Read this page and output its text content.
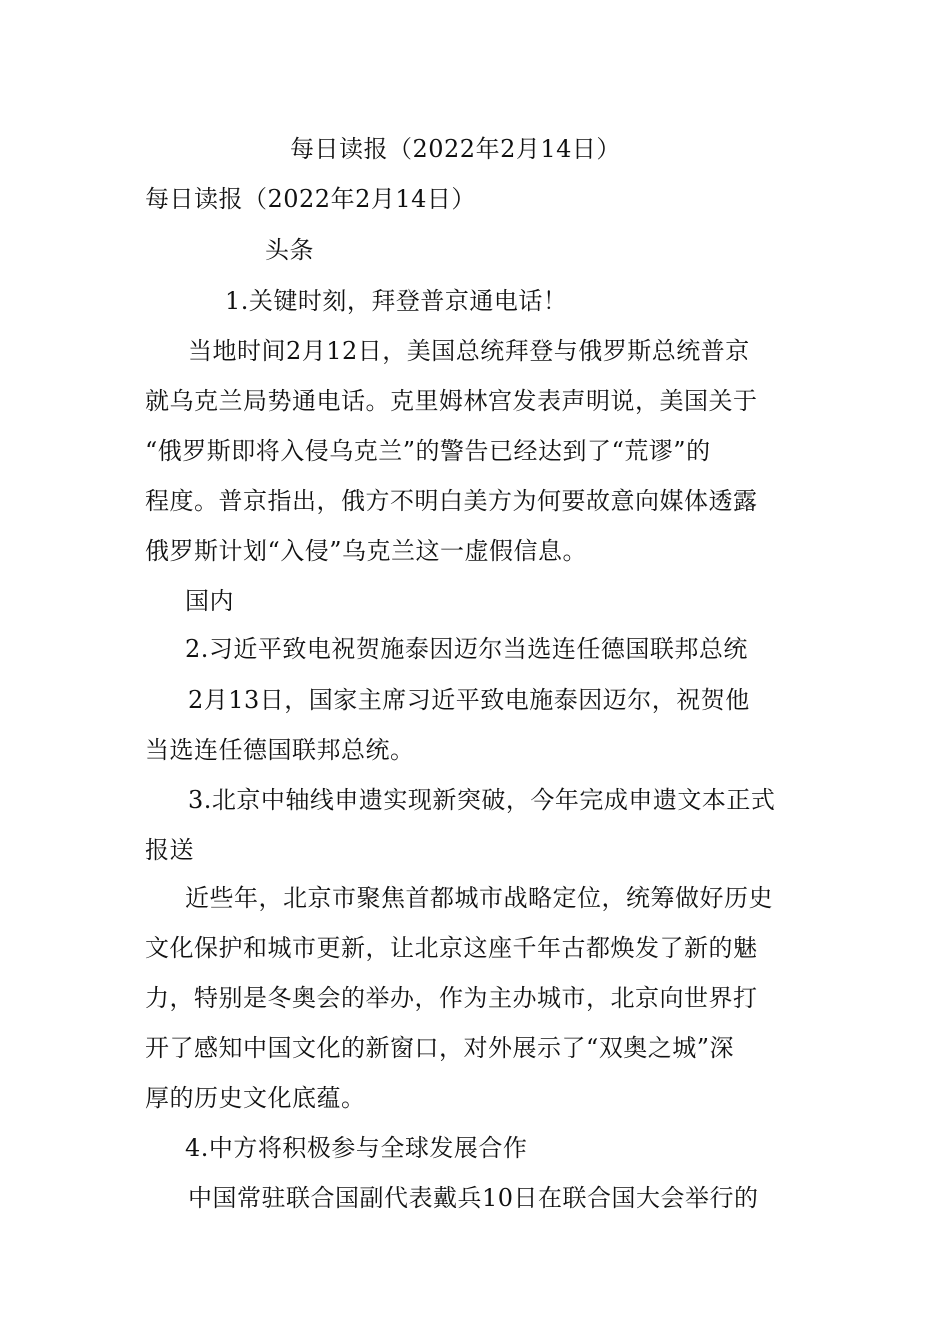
每日读报（2022年2月14日）
每日读报（2022年2月14日）
头条
1.关键时刻，拜登普京通电话！
当地时间2月12日，美国总统拜登与俄罗斯总统普京
就乌克兰局势通电话。克里姆林宫发表声明说，美国关于
“俄罗斯即将入侵乌克兰”的警告已经达到了“荒谬”的
程度。普京指出，俄方不明白美方为何要故意向媒体透露
俄罗斯计划“入侵”乌克兰这一虚假信息。
国内
2.习近平致电祝贺施泰因迈尔当选连任德国联邦总统
2月13日，国家主席习近平致电施泰因迈尔，祝贺他
当选连任德国联邦总统。
3.北京中轴线申遗实现新突破，今年完成申遗文本正式
报送
近些年，北京市聚焦首都城市战略定位，统筹做好历史
文化保护和城市更新，让北京这座千年古都焕发了新的魅
力，特别是冬奥会的举办，作为主办城市，北京向世界打
开了感知中国文化的新窗口，对外展示了“双奥之城”深
厚的历史文化底蕴。
4.中方将积极参与全球发展合作
中国常驻联合国副代表戴兵10日在联合国大会举行的
